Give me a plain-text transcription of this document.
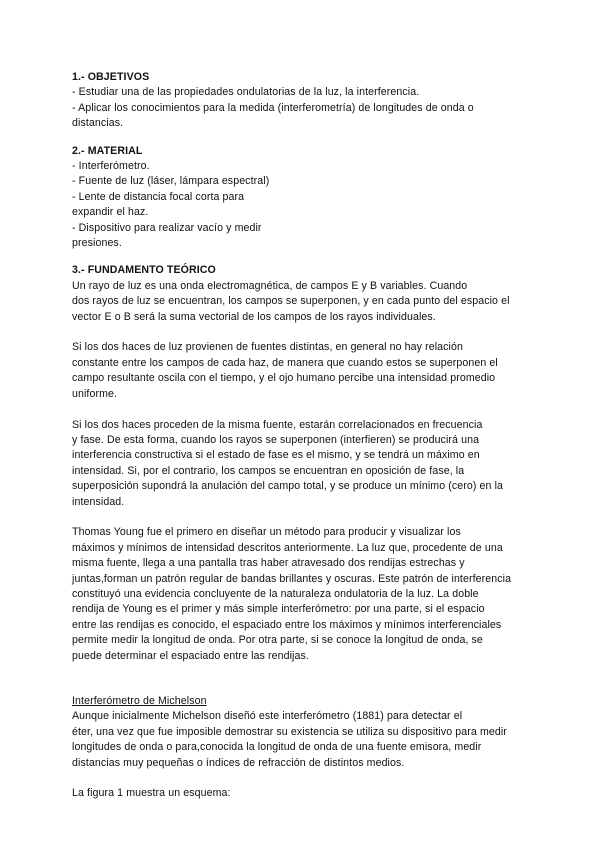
1.- OBJETIVOS
- Estudiar una de las propiedades ondulatorias de la luz, la interferencia.
- Aplicar los conocimientos para la medida (interferometría) de longitudes de onda o
distancias.
2.- MATERIAL
- Interferómetro.
- Fuente de luz (láser, lámpara espectral)
- Lente de distancia focal corta para
expandir el haz.
- Dispositivo para realizar vacío y medir
presiones.
3.- FUNDAMENTO TEÓRICO
Un rayo de luz es una onda electromagnética, de campos E y B variables. Cuando
dos rayos de luz se encuentran, los campos se superponen, y en cada punto del espacio el
vector E o B será la suma vectorial de los campos de los rayos individuales.
Si los dos haces de luz provienen de fuentes distintas, en general no hay relación
constante entre los campos de cada haz, de manera que cuando estos se superponen el
campo resultante oscila con el tiempo, y el ojo humano percibe una intensidad promedio
uniforme.
Si los dos haces proceden de la misma fuente, estarán correlacionados en frecuencia
y fase. De esta forma, cuando los rayos se superponen (interfieren) se producirá una
interferencia constructiva si el estado de fase es el mismo, y se tendrá un máximo en
intensidad. Si, por el contrario, los campos se encuentran en oposición de fase, la
superposición supondrá la anulación del campo total, y se produce un mínimo (cero) en la
intensidad.
Thomas Young fue el primero en diseñar un método para producir y visualizar los
máximos y mínimos de intensidad descritos anteriormente. La luz que, procedente de una
misma fuente, llega a una pantalla tras haber atravesado dos rendijas estrechas y
juntas,forman un patrón regular de bandas brillantes y oscuras. Este patrón de interferencia
constituyó una evidencia concluyente de la naturaleza ondulatoria de la luz. La doble
rendija de Young es el primer y más simple interferómetro: por una parte, si el espacio
entre las rendijas es conocido, el espaciado entre los máximos y mínimos interferenciales
permite medir la longitud de onda. Por otra parte, si se conoce la longitud de onda, se
puede determinar el espaciado entre las rendijas.
Interferómetro de Michelson
Aunque inicialmente Michelson diseñó este interferómetro (1881) para detectar el
éter, una vez que fue imposible demostrar su existencia se utiliza su dispositivo para medir
longitudes de onda o para,conocida la longitud de onda de una fuente emisora, medir
distancias muy pequeñas o índices de refracción de distintos medios.
La figura 1 muestra un esquema:
